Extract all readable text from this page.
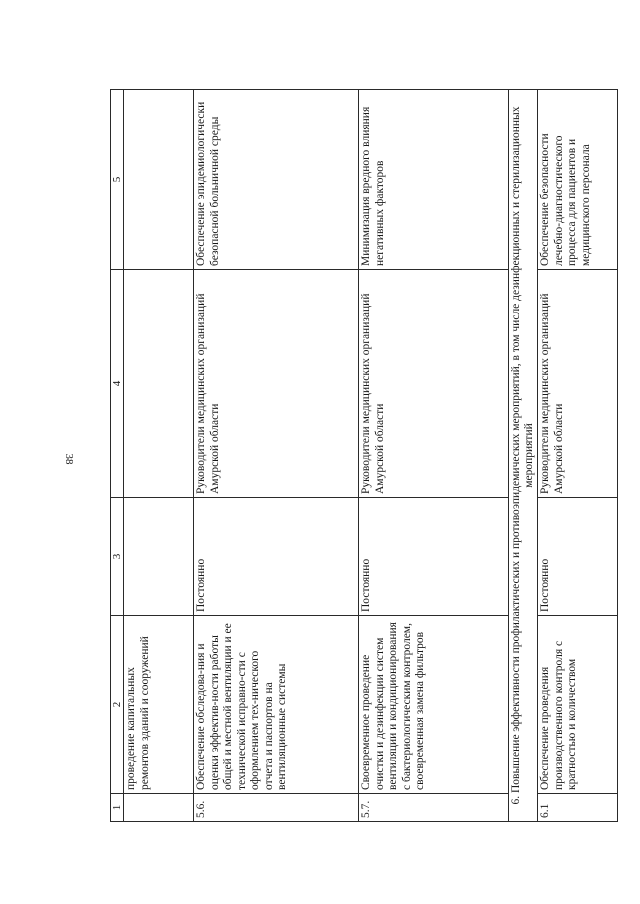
38
1	2	3	4	5
	проведение капитальных ремонтов зданий и сооружений			
5.6.	Обеспечение обследова-ния и оценки эффектив-ности работы общей и местной вентиляции и ее технической исправно-сти с оформлением тех-нического отчета и паспортов на вентиляционные системы	Постоянно	Руководители медицинских организаций Амурской области	Обеспечение эпидемиологически безопасной больничной среды
5.7.	Своевременное проведение очистки и дезинфекции систем вентиляции и кондиционирования с бактериологическим контролем, своевременная замена фильтров	Постоянно	Руководители медицинских организаций Амурской области	Минимизация вредного влияния негативных факторов
6. Повышение эффективности профилактических и противоэпидемических мероприятий, в том числе дезинфекционных и стерилизационных мероприятий				
6.1	Обеспечение проведения производственного контроля с кратностью и количеством	Постоянно	Руководители медицинских организаций Амурской области	Обеспечение безопасности лечебно-диагностического процесса для пациентов и медицинского персонала
